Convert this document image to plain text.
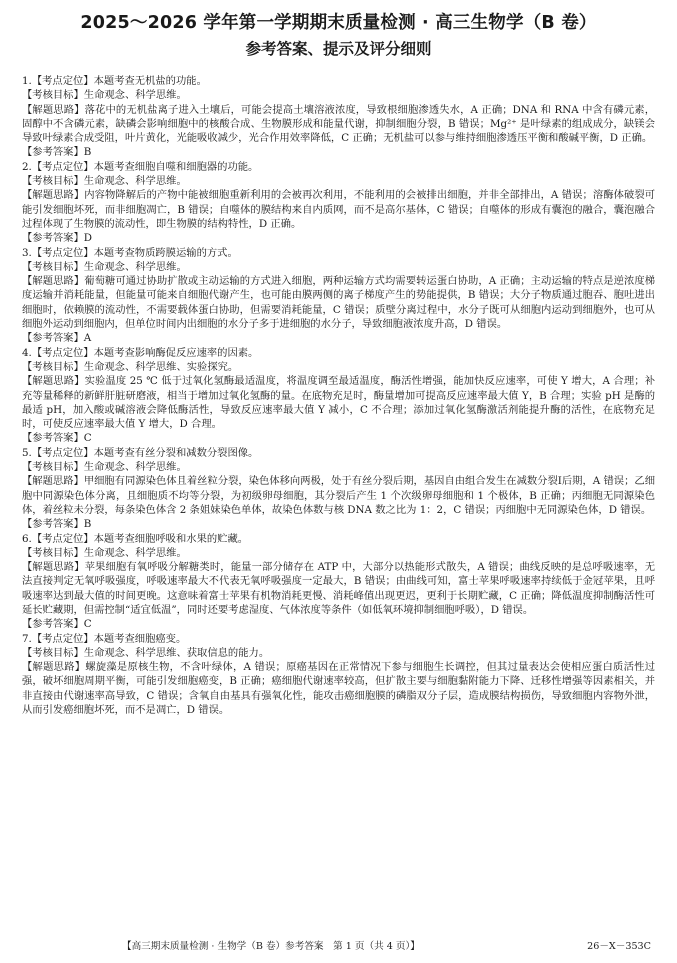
2025～2026 学年第一学期期末质量检测 · 高三生物学（B 卷）
参考答案、提示及评分细则
1.【考点定位】本题考查无机盐的功能。
【考核目标】生命观念、科学思维。
【解题思路】落花中的无机盐离子进入土壤后，可能会提高土壤溶液浓度，导致根细胞渗透失水，A 正确；DNA 和 RNA 中含有磷元素，固醇中不含磷元素，缺磷会影响细胞中的核酸合成、生物膜形成和能量代谢，抑制细胞分裂，B 错误；Mg²⁺ 是叶绿素的组成成分，缺镁会导致叶绿素合成受阻，叶片黄化，光能吸收减少，光合作用效率降低，C 正确；无机盐可以参与维持细胞渗透压平衡和酸碱平衡，D 正确。
【参考答案】B
2.【考点定位】本题考查细胞自噬和细胞器的功能。
【考核目标】生命观念、科学思维。
【解题思路】内容物降解后的产物中能被细胞重新利用的会被再次利用，不能利用的会被排出细胞，并非全部排出，A 错误；溶酶体破裂可能引发细胞坏死，而非细胞凋亡，B 错误；自噬体的膜结构来自内质网，而不是高尔基体，C 错误；自噬体的形成有囊泡的融合，囊泡融合过程体现了生物膜的流动性，即生物膜的结构特性，D 正确。
【参考答案】D
3.【考点定位】本题考查物质跨膜运输的方式。
【考核目标】生命观念、科学思维。
【解题思路】葡萄糖可通过协助扩散或主动运输的方式进入细胞，两种运输方式均需要转运蛋白协助，A 正确；主动运输的特点是逆浓度梯度运输并消耗能量，但能量可能来自细胞代谢产生，也可能由膜两侧的离子梯度产生的势能提供，B 错误；大分子物质通过胞吞、胞吐进出细胞时，依赖膜的流动性，不需要载体蛋白协助，但需要消耗能量，C 错误；质壁分离过程中，水分子既可从细胞内运动到细胞外，也可从细胞外运动到细胞内，但单位时间内出细胞的水分子多于进细胞的水分子，导致细胞液浓度升高，D 错误。
【参考答案】A
4.【考点定位】本题考查影响酶促反应速率的因素。
【考核目标】生命观念、科学思维、实验探究。
【解题思路】实验温度 25 ℃ 低于过氧化氢酶最适温度，将温度调至最适温度，酶活性增强，能加快反应速率，可使 Y 增大，A 合理；补充等量稀释的新鲜肝脏研磨液，相当于增加过氧化氢酶的量。在底物充足时，酶量增加可提高反应速率最大值 Y，B 合理；实验 pH 是酶的最适 pH，加入酸或碱溶液会降低酶活性，导致反应速率最大值 Y 减小，C 不合理；添加过氧化氢酶激活剂能提升酶的活性，在底物充足时，可使反应速率最大值 Y 增大，D 合理。
【参考答案】C
5.【考点定位】本题考查有丝分裂和减数分裂图像。
【考核目标】生命观念、科学思维。
【解题思路】甲细胞有同源染色体且着丝粒分裂，染色体移向两极，处于有丝分裂后期，基因自由组合发生在减数分裂Ⅰ后期，A 错误；乙细胞中同源染色体分离，且细胞质不均等分裂，为初级卵母细胞，其分裂后产生 1 个次级卵母细胞和 1 个极体，B 正确；丙细胞无同源染色体，着丝粒未分裂，每条染色体含 2 条姐妹染色单体，故染色体数与核 DNA 数之比为 1：2，C 错误；丙细胞中无同源染色体，D 错误。
【参考答案】B
6.【考点定位】本题考查细胞呼吸和水果的贮藏。
【考核目标】生命观念、科学思维。
【解题思路】苹果细胞有氧呼吸分解糖类时，能量一部分储存在 ATP 中，大部分以热能形式散失，A 错误；曲线反映的是总呼吸速率，无法直接判定无氧呼吸强度，呼吸速率最大不代表无氧呼吸强度一定最大，B 错误；由曲线可知，富士苹果呼吸速率持续低于金冠苹果，且呼吸速率达到最大值的时间更晚。这意味着富士苹果有机物消耗更慢、消耗峰值出现更迟，更利于长期贮藏，C 正确；降低温度抑制酶活性可延长贮藏期，但需控制“适宜低温”，同时还要考虑湿度、气体浓度等条件（如低氧环境抑制细胞呼吸），D 错误。
【参考答案】C
7.【考点定位】本题考查细胞癌变。
【考核目标】生命观念、科学思维、获取信息的能力。
【解题思路】螺旋藻是原核生物，不含叶绿体，A 错误；原癌基因在正常情况下参与细胞生长调控，但其过量表达会使相应蛋白质活性过强，破坏细胞周期平衡，可能引发细胞癌变，B 正确；癌细胞代谢速率较高，但扩散主要与细胞黏附能力下降、迁移性增强等因素相关，并非直接由代谢速率高导致，C 错误；含氧自由基具有强氧化性，能攻击癌细胞膜的磷脂双分子层，造成膜结构损伤，导致细胞内容物外泄，从而引发癌细胞坏死，而不是凋亡，D 错误。
【高三期末质量检测 · 生物学（B 卷）参考答案　第 1 页（共 4 页）】	26－X－353C
